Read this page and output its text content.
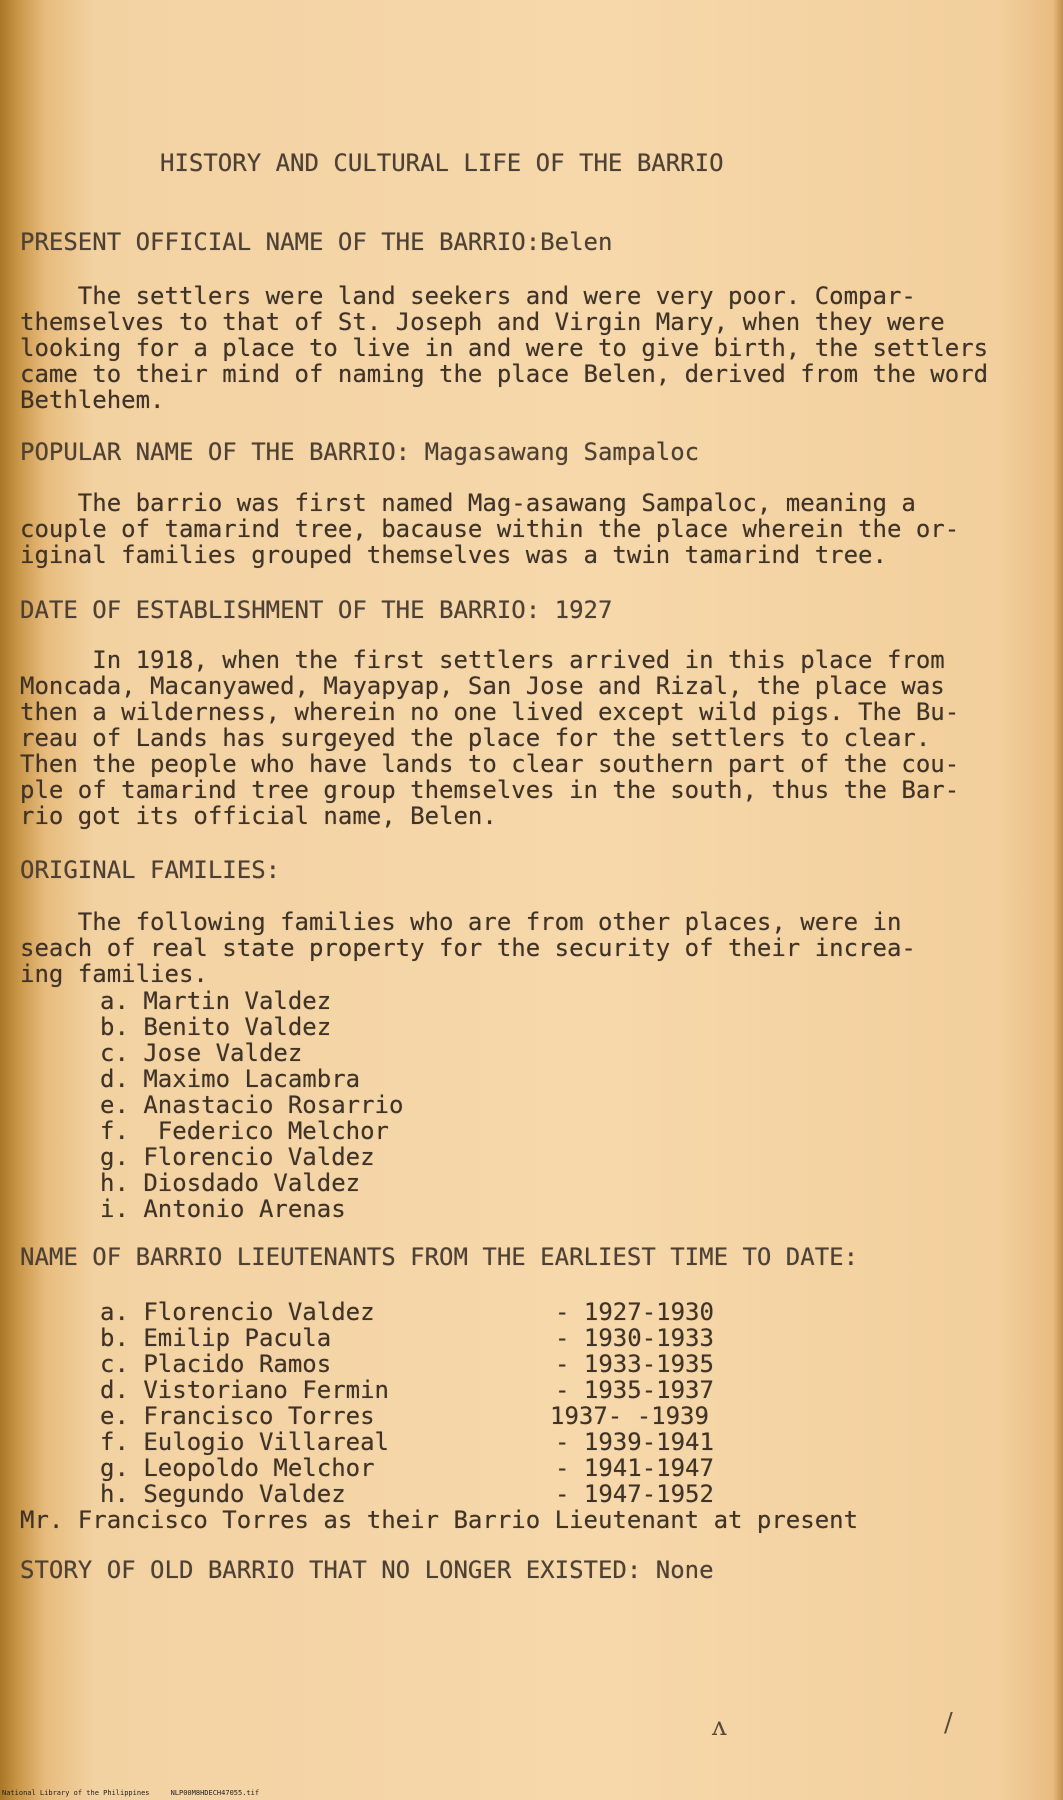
HISTORY AND CULTURAL LIFE OF THE BARRIO
PRESENT OFFICIAL NAME OF THE BARRIO:Belen
The settlers were land seekers and were very poor. Compar-
themselves to that of St. Joseph and Virgin Mary, when they were
looking for a place to live in and were to give birth, the settlers
came to their mind of naming the place Belen, derived from the word
Bethlehem.
POPULAR NAME OF THE BARRIO: Magasawang Sampaloc
The barrio was first named Mag-asawang Sampaloc, meaning a
couple of tamarind tree, bacause within the place wherein the or-
iginal families grouped themselves was a twin tamarind tree.
DATE OF ESTABLISHMENT OF THE BARRIO: 1927
In 1918, when the first settlers arrived in this place from
Moncada, Macanyawed, Mayapyap, San Jose and Rizal, the place was
then a wilderness, wherein no one lived except wild pigs. The Bu-
reau of Lands has surgeyed the place for the settlers to clear.
Then the people who have lands to clear southern part of the cou-
ple of tamarind tree group themselves in the south, thus the Bar-
rio got its official name, Belen.
ORIGINAL FAMILIES:
The following families who are from other places, were in
seach of real state property for the security of their increa-
ing families.
a. Martin Valdez
b. Benito Valdez
c. Jose Valdez
d. Maximo Lacambra
e. Anastacio Rosarrio
f.  Federico Melchor
g. Florencio Valdez
h. Diosdado Valdez
i. Antonio Arenas
NAME OF BARRIO LIEUTENANTS FROM THE EARLIEST TIME TO DATE:
a. Florencio Valdez	- 1927-1930
b. Emilip Pacula	- 1930-1933
c. Placido Ramos	- 1933-1935
d. Vistoriano Fermin	- 1935-1937
e. Francisco Torres	1937- -1939
f. Eulogio Villareal	- 1939-1941
g. Leopoldo Melchor	- 1941-1947
h. Segundo Valdez	- 1947-1952
Mr. Francisco Torres as their Barrio Lieutenant at present
STORY OF OLD BARRIO THAT NO LONGER EXISTED: None
ʌ	/
National Library of the Philippines     NLP00M8HDECH47055.tif
